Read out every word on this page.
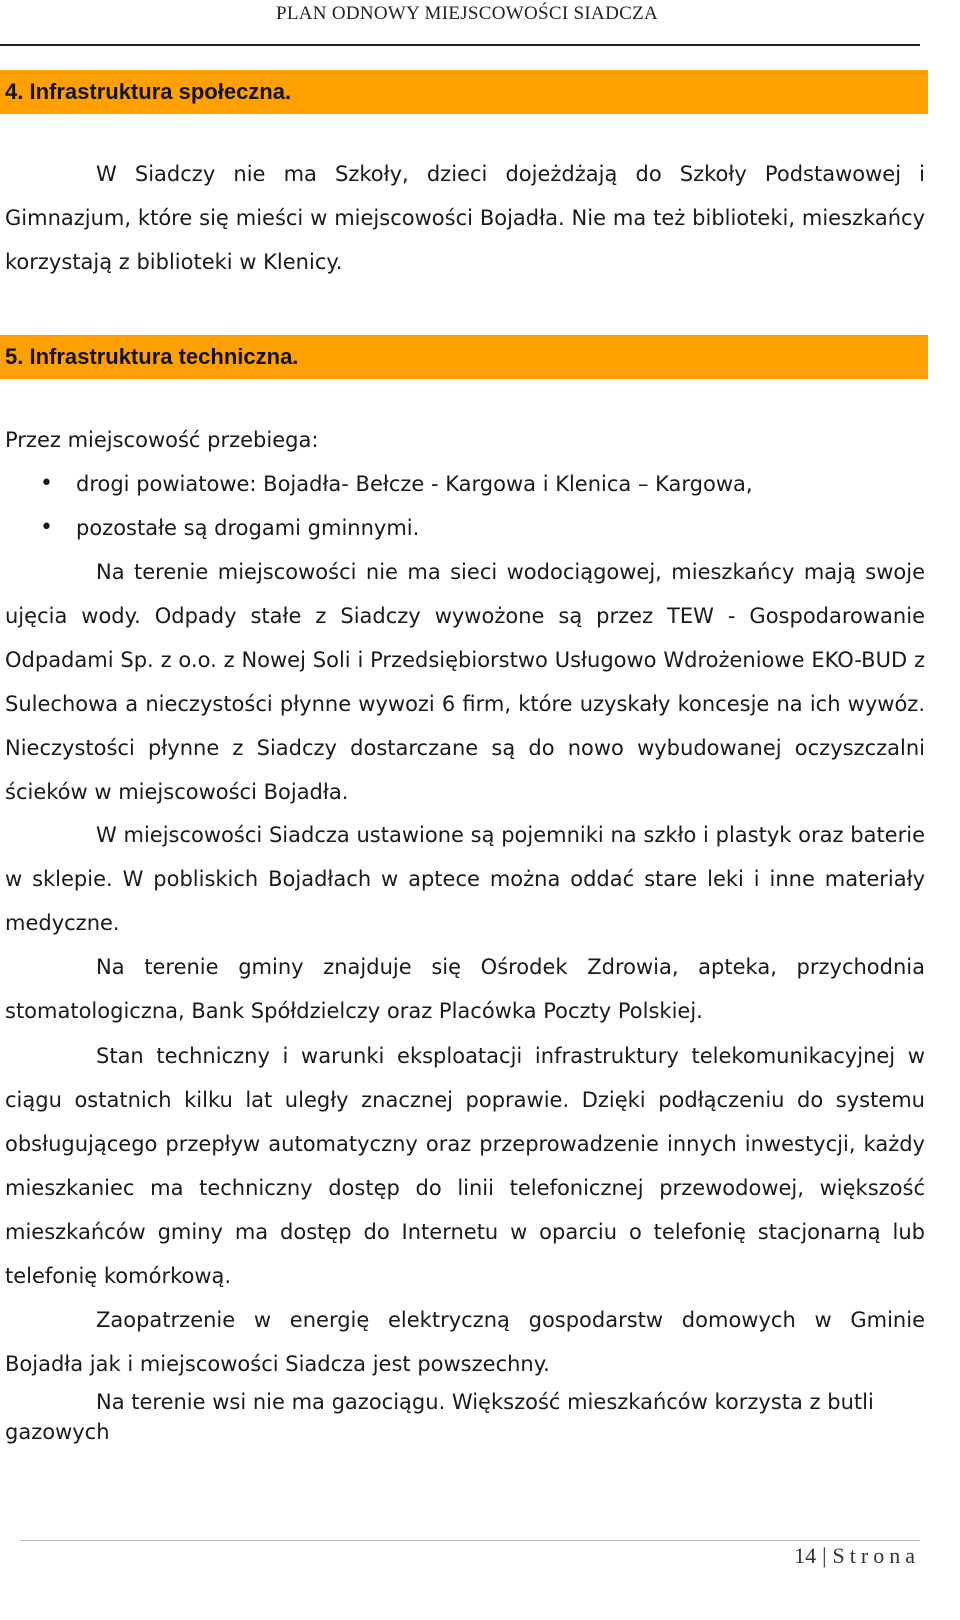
PLAN ODNOWY MIEJSCOWOŚCI SIADCZA
4. Infrastruktura społeczna.
W Siadczy nie ma Szkoły, dzieci dojeżdżają do Szkoły Podstawowej i Gimnazjum, które się mieści w miejscowości Bojadła. Nie ma też biblioteki, mieszkańcy korzystają z biblioteki w Klenicy.
5. Infrastruktura techniczna.
Przez miejscowość przebiega:
• drogi powiatowe: Bojadła- Bełcze - Kargowa i Klenica – Kargowa,
• pozostałe są drogami gminnymi.
Na terenie miejscowości nie ma sieci wodociągowej, mieszkańcy mają swoje ujęcia wody. Odpady stałe z Siadczy wywożone są przez TEW - Gospodarowanie Odpadami Sp. z o.o. z Nowej Soli i Przedsiębiorstwo Usługowo Wdrożeniowe EKO-BUD z Sulechowa a nieczystości płynne wywozi 6 firm, które uzyskały koncesje na ich wywóz. Nieczystości płynne z Siadczy dostarczane są do nowo wybudowanej oczyszczalni ścieków w miejscowości Bojadła.
W miejscowości Siadcza ustawione są pojemniki na szkło i plastyk oraz baterie w sklepie. W pobliskich Bojadłach w aptece można oddać stare leki i inne materiały medyczne.
Na terenie gminy znajduje się Ośrodek Zdrowia, apteka, przychodnia stomatologiczna, Bank Spółdzielczy oraz Placówka Poczty Polskiej.
Stan techniczny i warunki eksploatacji infrastruktury telekomunikacyjnej w ciągu ostatnich kilku lat uległy znacznej poprawie. Dzięki podłączeniu do systemu obsługującego przepływ automatyczny oraz przeprowadzenie innych inwestycji, każdy mieszkaniec ma techniczny dostęp do linii telefonicznej przewodowej, większość mieszkańców gminy ma dostęp do Internetu w oparciu o telefonię stacjonarną lub telefonię komórkową.
Zaopatrzenie w energię elektryczną gospodarstw domowych w Gminie Bojadła jak i miejscowości Siadcza jest powszechny.
Na terenie wsi nie ma gazociągu. Większość mieszkańców korzysta z butli gazowych
14 | Strona
